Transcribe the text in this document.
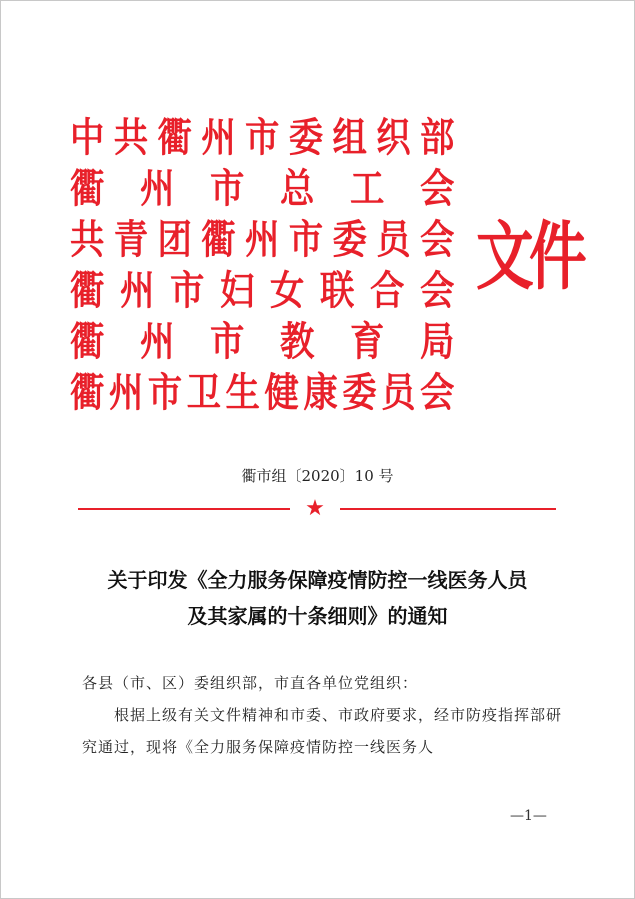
中 共 衢 州 市 委 组 织 部
衢 州 市 总 工 会
共 青 团 衢 州 市 委 员 会
衢 州 市 妇 女 联 合 会
衢 州 市 教 育 局
衢 州 市 卫 生 健 康 委 员 会
文件
衢市组〔2020〕10 号
★
关于印发《全力服务保障疫情防控一线医务人员
及其家属的十条细则》的通知

各县（市、区）委组织部，市直各单位党组织：

根据上级有关文件精神和市委、市政府要求，经市防疫指挥部研究通过，现将《全力服务保障疫情防控一线医务人

—1—
